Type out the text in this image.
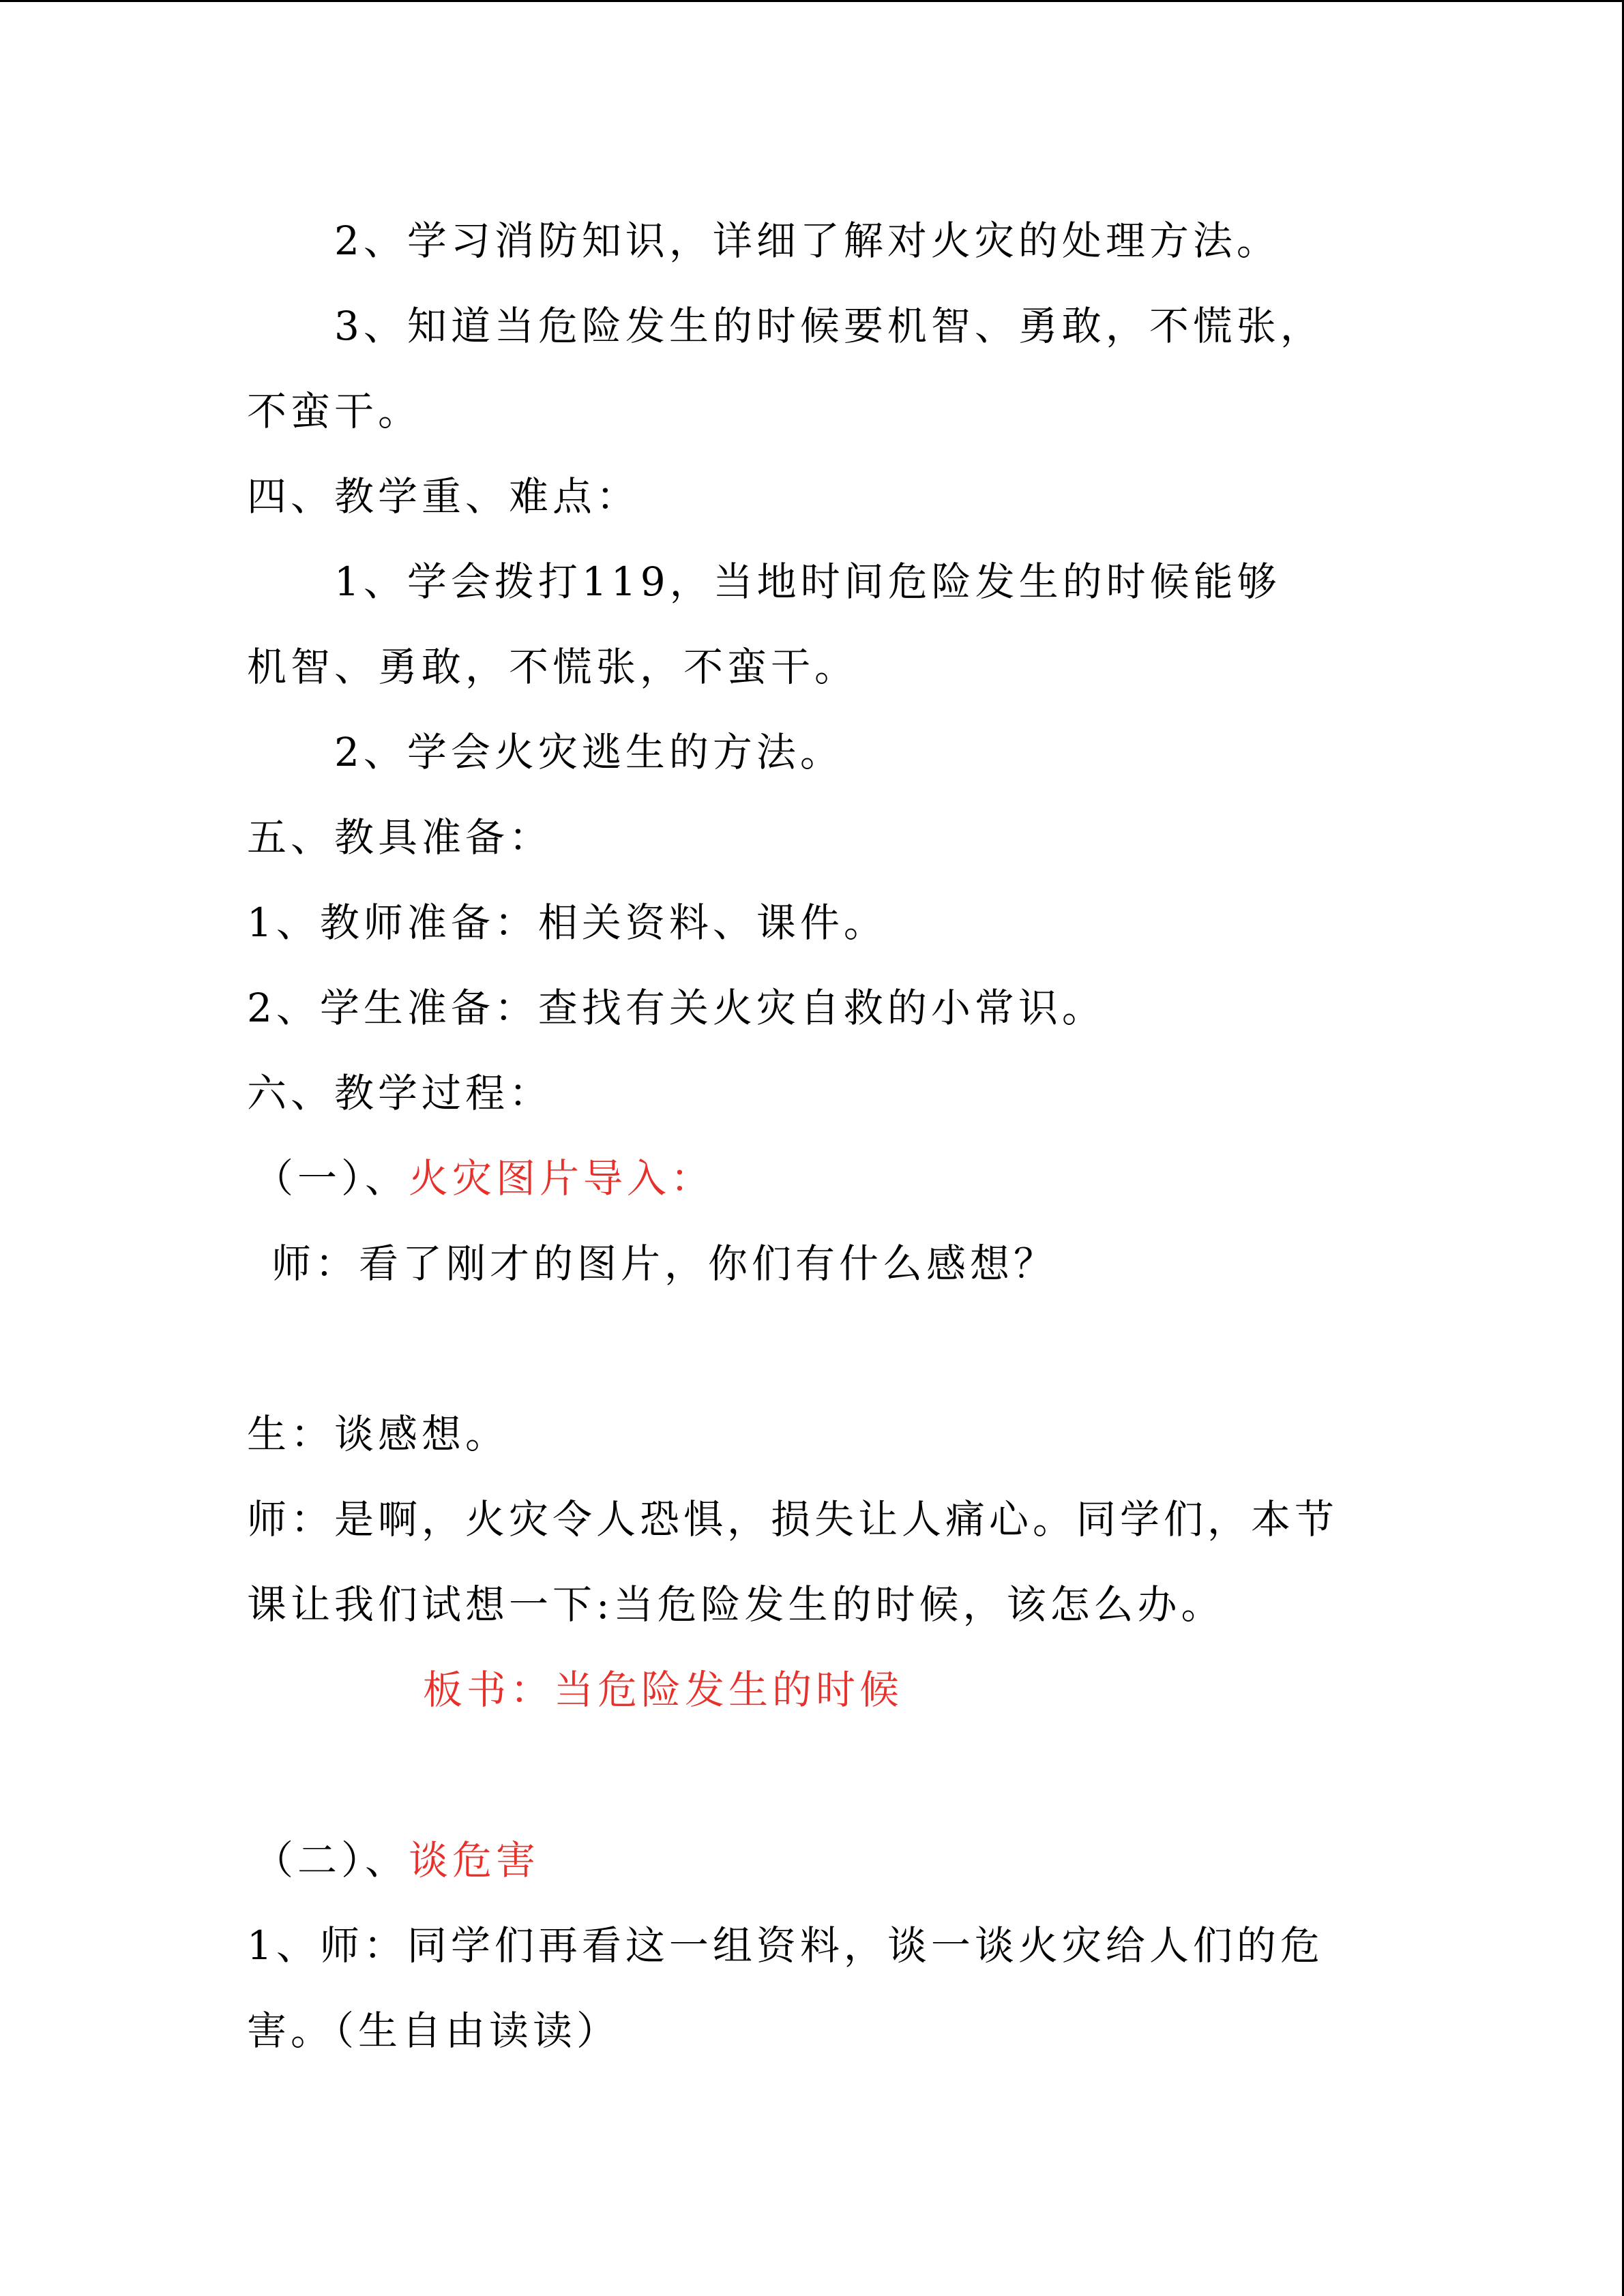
2、学习消防知识，详细了解对火灾的处理方法。
3、知道当危险发生的时候要机智、勇敢，不慌张，
不蛮干。
四、教学重、难点：
1、学会拨打119，当地时间危险发生的时候能够
机智、勇敢，不慌张，不蛮干。
2、学会火灾逃生的方法。
五、教具准备：
1、教师准备：相关资料、课件。
2、学生准备：查找有关火灾自救的小常识。
六、教学过程：
（一）、火灾图片导入：
师：看了刚才的图片，你们有什么感想？
生：谈感想。
师：是啊，火灾令人恐惧，损失让人痛心。同学们，本节
课让我们试想一下:当危险发生的时候，该怎么办。
板书：当危险发生的时候
（二）、谈危害
1、师：同学们再看这一组资料，谈一谈火灾给人们的危
害。（生自由读读）
